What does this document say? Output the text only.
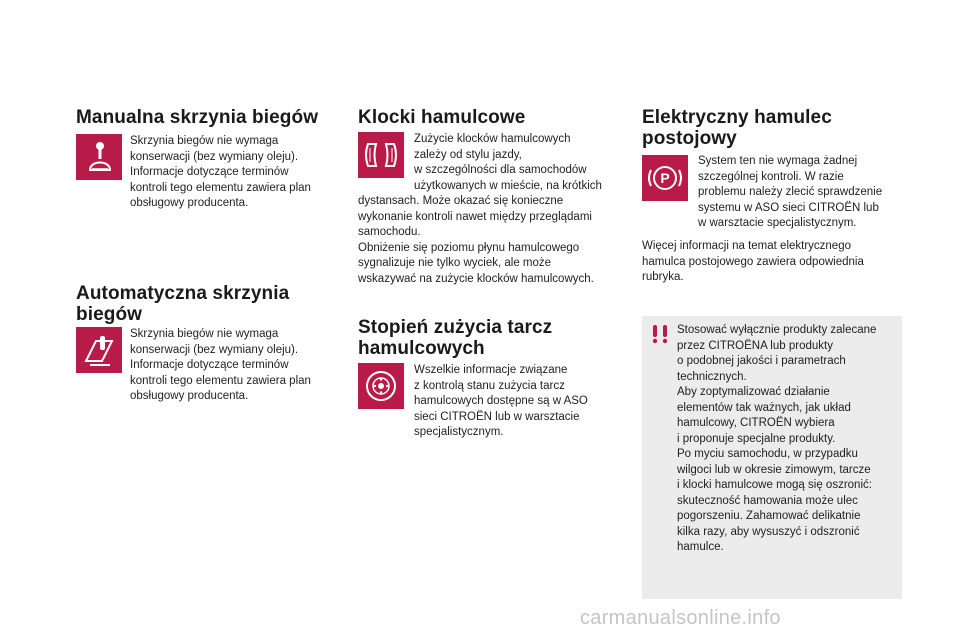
Manualna skrzynia biegów
Skrzynia biegów nie wymaga
konserwacji (bez wymiany oleju).
Informacje dotyczące terminów
kontroli tego elementu zawiera plan
obsługowy producenta.
Automatyczna skrzynia
biegów
Skrzynia biegów nie wymaga
konserwacji (bez wymiany oleju).
Informacje dotyczące terminów
kontroli tego elementu zawiera plan
obsługowy producenta.
Klocki hamulcowe
Zużycie klocków hamulcowych
zależy od stylu jazdy,
w szczególności dla samochodów
użytkowanych w mieście, na krótkich
dystansach. Może okazać się konieczne
wykonanie kontroli nawet między przeglądami
samochodu.
Obniżenie się poziomu płynu hamulcowego
sygnalizuje nie tylko wyciek, ale może
wskazywać na zużycie klocków hamulcowych.
Stopień zużycia tarcz
hamulcowych
Wszelkie informacje związane
z kontrolą stanu zużycia tarcz
hamulcowych dostępne są w ASO
sieci CITROËN lub w warsztacie
specjalistycznym.
Elektryczny hamulec
postojowy
P
System ten nie wymaga żadnej
szczególnej kontroli. W razie
problemu należy zlecić sprawdzenie
systemu w ASO sieci CITROËN lub
w warsztacie specjalistycznym.
Więcej informacji na temat elektrycznego
hamulca postojowego zawiera odpowiednia
rubryka.
Stosować wyłącznie produkty zalecane
przez CITROËNA lub produkty
o podobnej jakości i parametrach
technicznych.
Aby zoptymalizować działanie
elementów tak ważnych, jak układ
hamulcowy, CITROËN wybiera
i proponuje specjalne produkty.
Po myciu samochodu, w przypadku
wilgoci lub w okresie zimowym, tarcze
i klocki hamulcowe mogą się oszronić:
skuteczność hamowania może ulec
pogorszeniu. Zahamować delikatnie
kilka razy, aby wysuszyć i odszronić
hamulce.
carmanualsonline.info
